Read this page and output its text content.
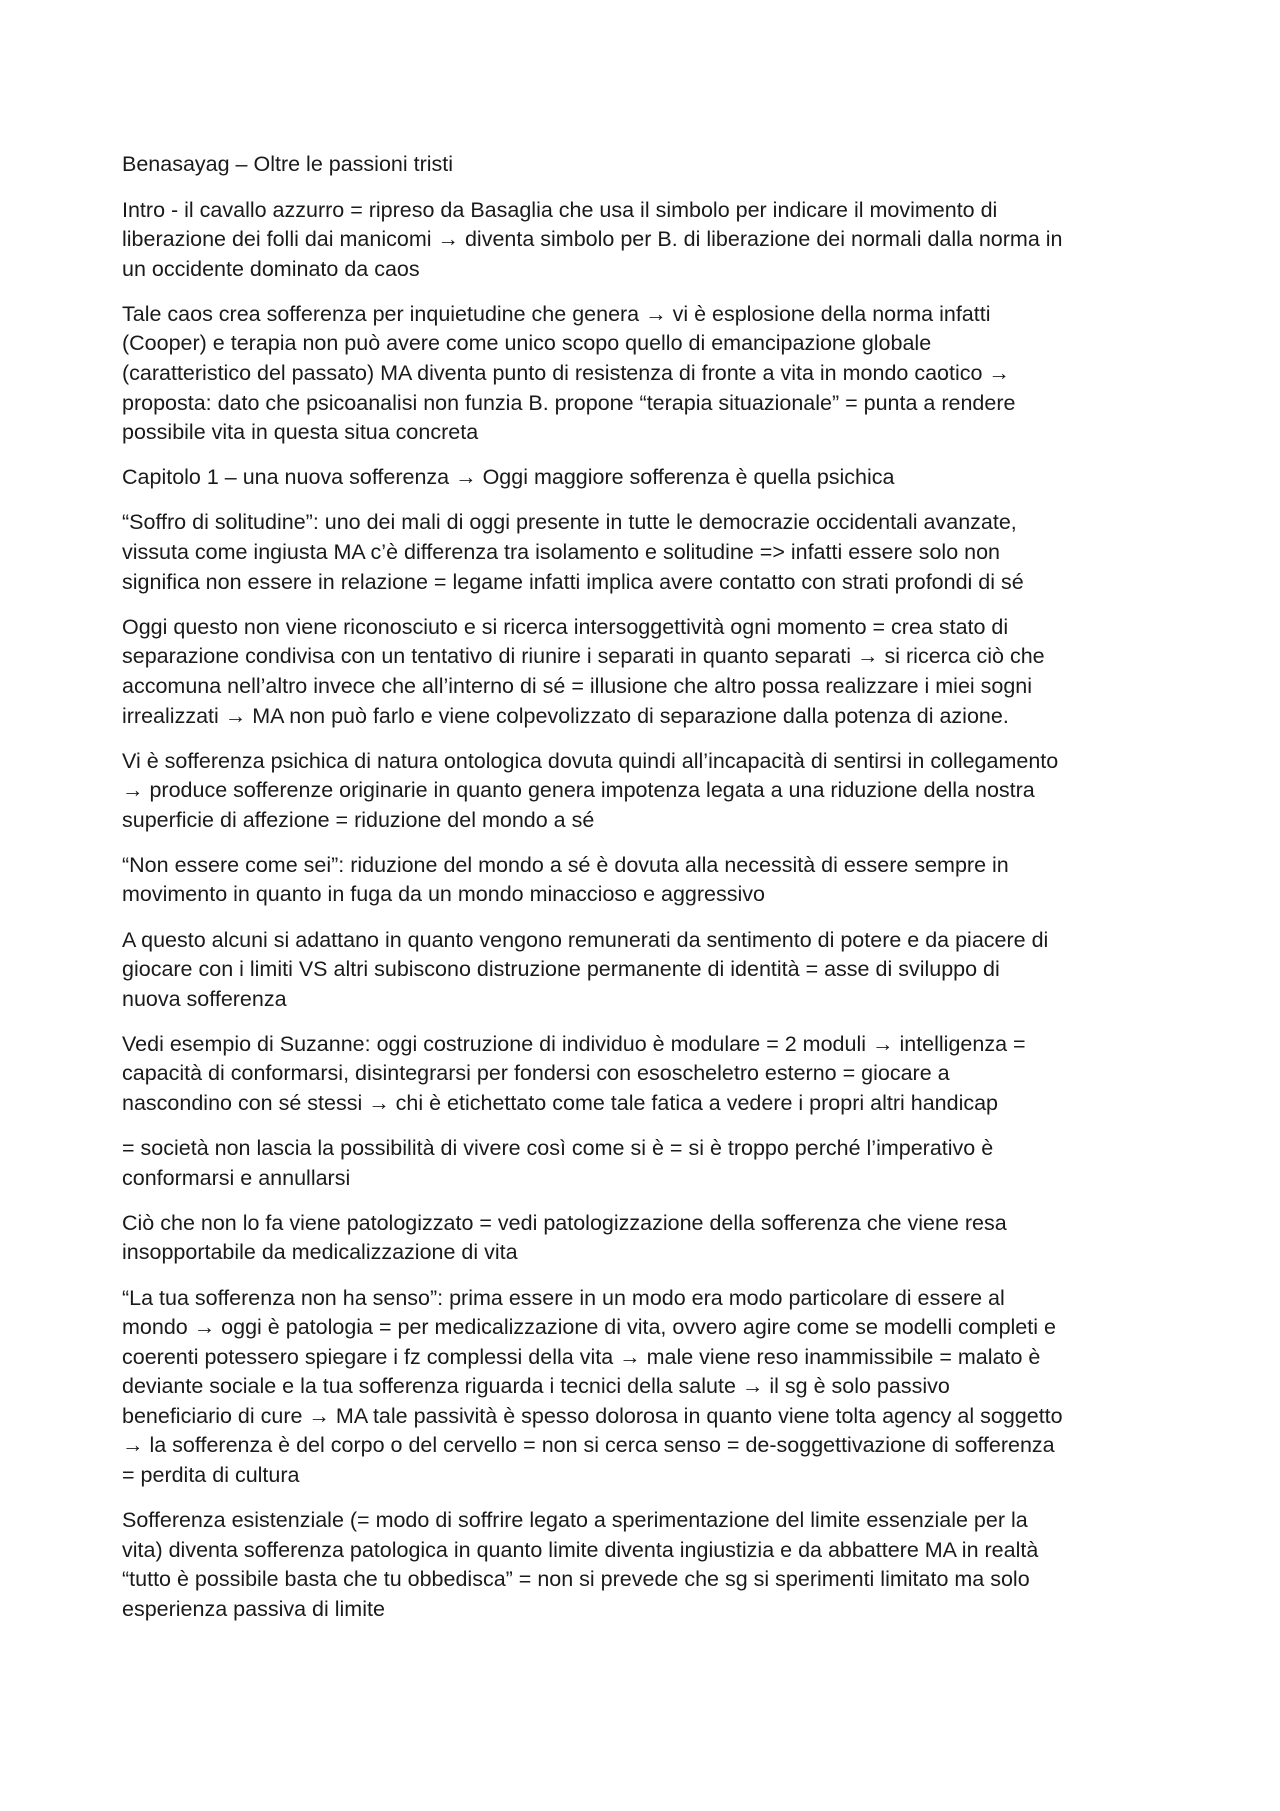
Benasayag – Oltre le passioni tristi

Intro - il cavallo azzurro = ripreso da Basaglia che usa il simbolo per indicare il movimento di
liberazione dei folli dai manicomi → diventa simbolo per B. di liberazione dei normali dalla norma in
un occidente dominato da caos

Tale caos crea sofferenza per inquietudine che genera → vi è esplosione della norma infatti
(Cooper) e terapia non può avere come unico scopo quello di emancipazione globale
(caratteristico del passato) MA diventa punto di resistenza di fronte a vita in mondo caotico →
proposta: dato che psicoanalisi non funzia B. propone “terapia situazionale” = punta a rendere
possibile vita in questa situa concreta

Capitolo 1 – una nuova sofferenza → Oggi maggiore sofferenza è quella psichica

“Soffro di solitudine”: uno dei mali di oggi presente in tutte le democrazie occidentali avanzate,
vissuta come ingiusta MA c’è differenza tra isolamento e solitudine => infatti essere solo non
significa non essere in relazione = legame infatti implica avere contatto con strati profondi di sé

Oggi questo non viene riconosciuto e si ricerca intersoggettività ogni momento = crea stato di
separazione condivisa con un tentativo di riunire i separati in quanto separati → si ricerca ciò che
accomuna nell’altro invece che all’interno di sé = illusione che altro possa realizzare i miei sogni
irrealizzati → MA non può farlo e viene colpevolizzato di separazione dalla potenza di azione.

Vi è sofferenza psichica di natura ontologica dovuta quindi all’incapacità di sentirsi in collegamento
→ produce sofferenze originarie in quanto genera impotenza legata a una riduzione della nostra
superficie di affezione = riduzione del mondo a sé

“Non essere come sei”: riduzione del mondo a sé è dovuta alla necessità di essere sempre in
movimento in quanto in fuga da un mondo minaccioso e aggressivo

A questo alcuni si adattano in quanto vengono remunerati da sentimento di potere e da piacere di
giocare con i limiti VS altri subiscono distruzione permanente di identità = asse di sviluppo di
nuova sofferenza

Vedi esempio di Suzanne: oggi costruzione di individuo è modulare = 2 moduli → intelligenza =
capacità di conformarsi, disintegrarsi per fondersi con esoscheletro esterno = giocare a
nascondino con sé stessi → chi è etichettato come tale fatica a vedere i propri altri handicap

= società non lascia la possibilità di vivere così come si è = si è troppo perché l’imperativo è
conformarsi e annullarsi

Ciò che non lo fa viene patologizzato = vedi patologizzazione della sofferenza che viene resa
insopportabile da medicalizzazione di vita

“La tua sofferenza non ha senso”: prima essere in un modo era modo particolare di essere al
mondo → oggi è patologia = per medicalizzazione di vita, ovvero agire come se modelli completi e
coerenti potessero spiegare i fz complessi della vita → male viene reso inammissibile = malato è
deviante sociale e la tua sofferenza riguarda i tecnici della salute → il sg è solo passivo
beneficiario di cure → MA tale passività è spesso dolorosa in quanto viene tolta agency al soggetto
→ la sofferenza è del corpo o del cervello = non si cerca senso = de-soggettivazione di sofferenza
= perdita di cultura

Sofferenza esistenziale (= modo di soffrire legato a sperimentazione del limite essenziale per la
vita) diventa sofferenza patologica in quanto limite diventa ingiustizia e da abbattere MA in realtà
“tutto è possibile basta che tu obbedisca” = non si prevede che sg si sperimenti limitato ma solo
esperienza passiva di limite
